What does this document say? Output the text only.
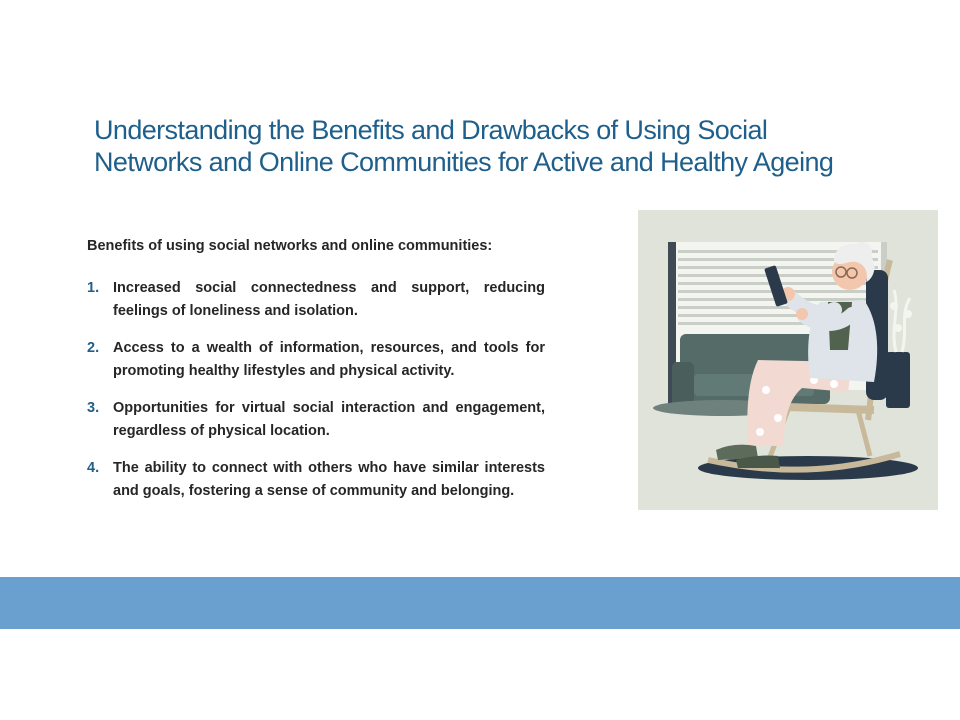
Understanding the Benefits and Drawbacks of Using Social Networks and Online Communities for Active and Healthy Ageing

Benefits of using social networks and online communities:

1. Increased social connectedness and support, reducing feelings of loneliness and isolation.
2. Access to a wealth of information, resources, and tools for promoting healthy lifestyles and physical activity.
3. Opportunities for virtual social interaction and engagement, regardless of physical location.
4. The ability to connect with others who have similar interests and goals, fostering a sense of community and belonging.
